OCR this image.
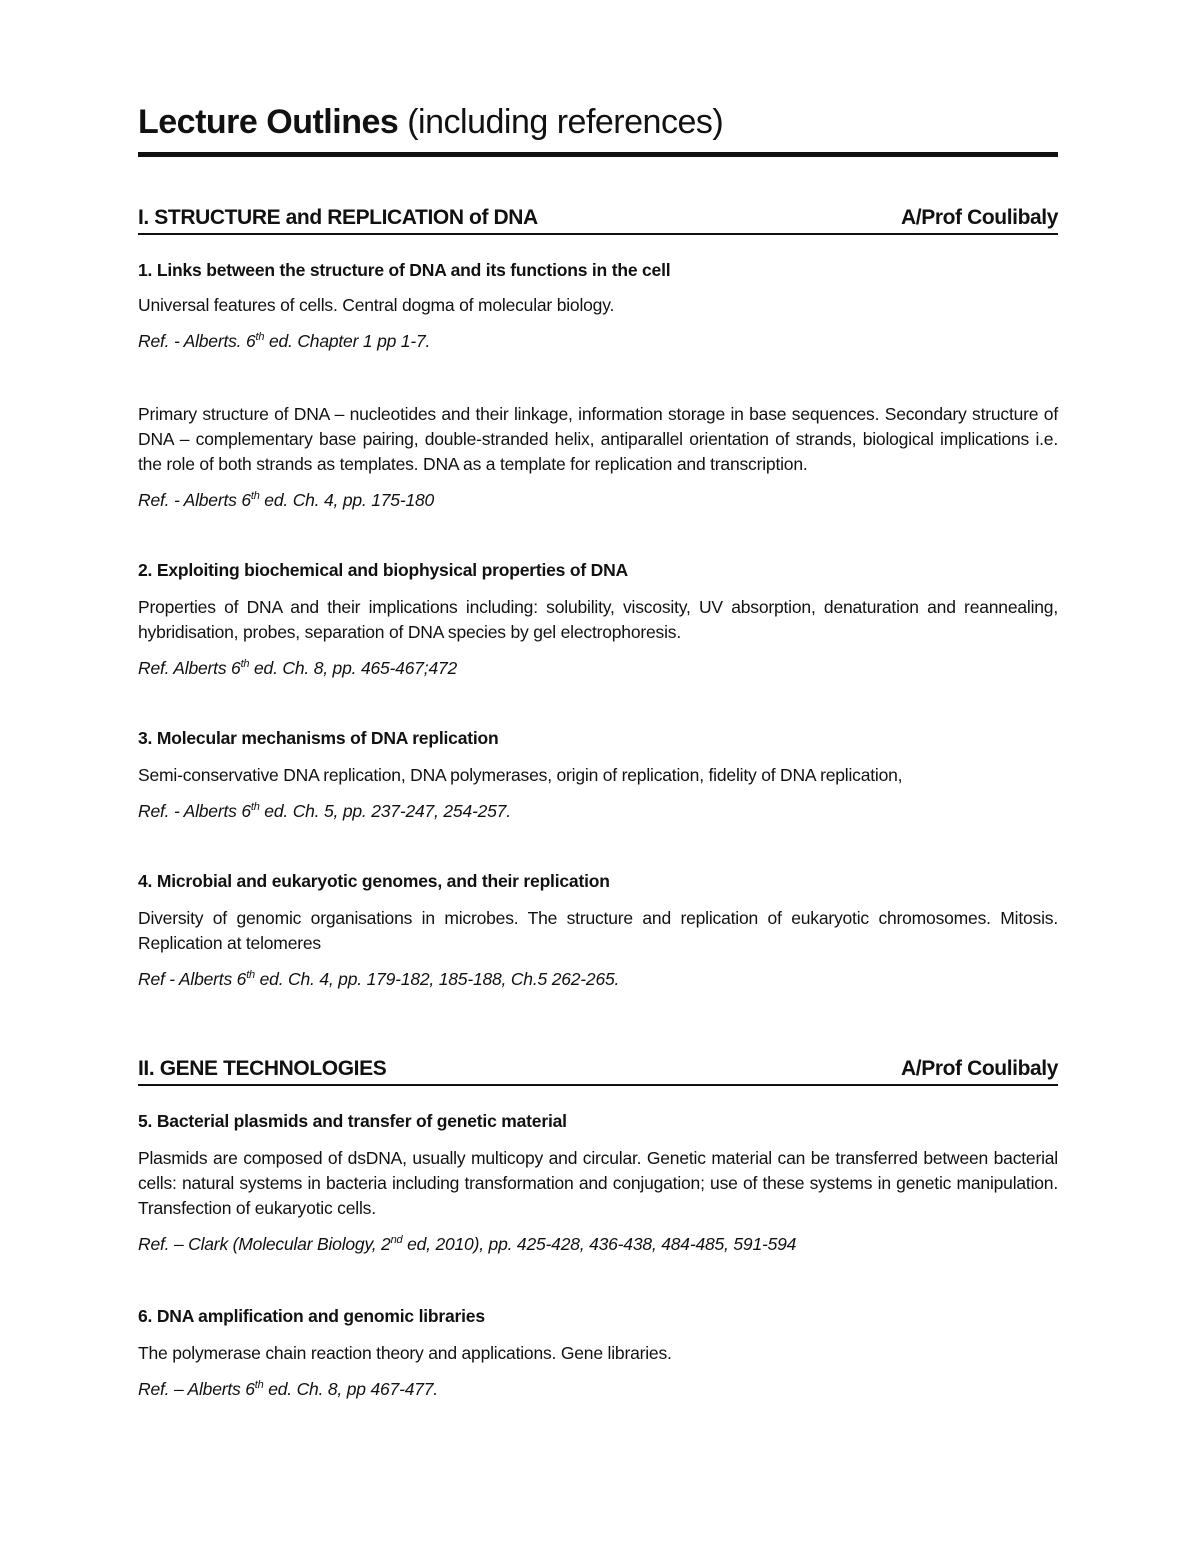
Lecture Outlines (including references)
I. STRUCTURE and REPLICATION of DNA	A/Prof Coulibaly

1. Links between the structure of DNA and its functions in the cell

Universal features of cells. Central dogma of molecular biology.

Ref. - Alberts. 6th ed. Chapter 1 pp 1-7.

Primary structure of DNA – nucleotides and their linkage, information storage in base sequences. Secondary structure of DNA – complementary base pairing, double-stranded helix, antiparallel orientation of strands, biological implications i.e. the role of both strands as templates. DNA as a template for replication and transcription.

Ref. - Alberts 6th ed. Ch. 4, pp. 175-180

2. Exploiting biochemical and biophysical properties of DNA

Properties of DNA and their implications including: solubility, viscosity, UV absorption, denaturation and reannealing, hybridisation, probes, separation of DNA species by gel electrophoresis.

Ref. Alberts 6th ed. Ch. 8, pp. 465-467;472

3. Molecular mechanisms of DNA replication

Semi-conservative DNA replication, DNA polymerases, origin of replication, fidelity of DNA replication,

Ref. - Alberts 6th ed. Ch. 5, pp. 237-247, 254-257.

4. Microbial and eukaryotic genomes, and their replication

Diversity of genomic organisations in microbes. The structure and replication of eukaryotic chromosomes. Mitosis. Replication at telomeres

Ref - Alberts 6th ed. Ch. 4, pp. 179-182, 185-188, Ch.5 262-265.

II. GENE TECHNOLOGIES	A/Prof Coulibaly

5. Bacterial plasmids and transfer of genetic material

Plasmids are composed of dsDNA, usually multicopy and circular. Genetic material can be transferred between bacterial cells: natural systems in bacteria including transformation and conjugation; use of these systems in genetic manipulation. Transfection of eukaryotic cells.

Ref. – Clark (Molecular Biology, 2nd ed, 2010), pp. 425-428, 436-438, 484-485, 591-594

6. DNA amplification and genomic libraries

The polymerase chain reaction theory and applications. Gene libraries.

Ref. – Alberts 6th ed. Ch. 8, pp 467-477.
